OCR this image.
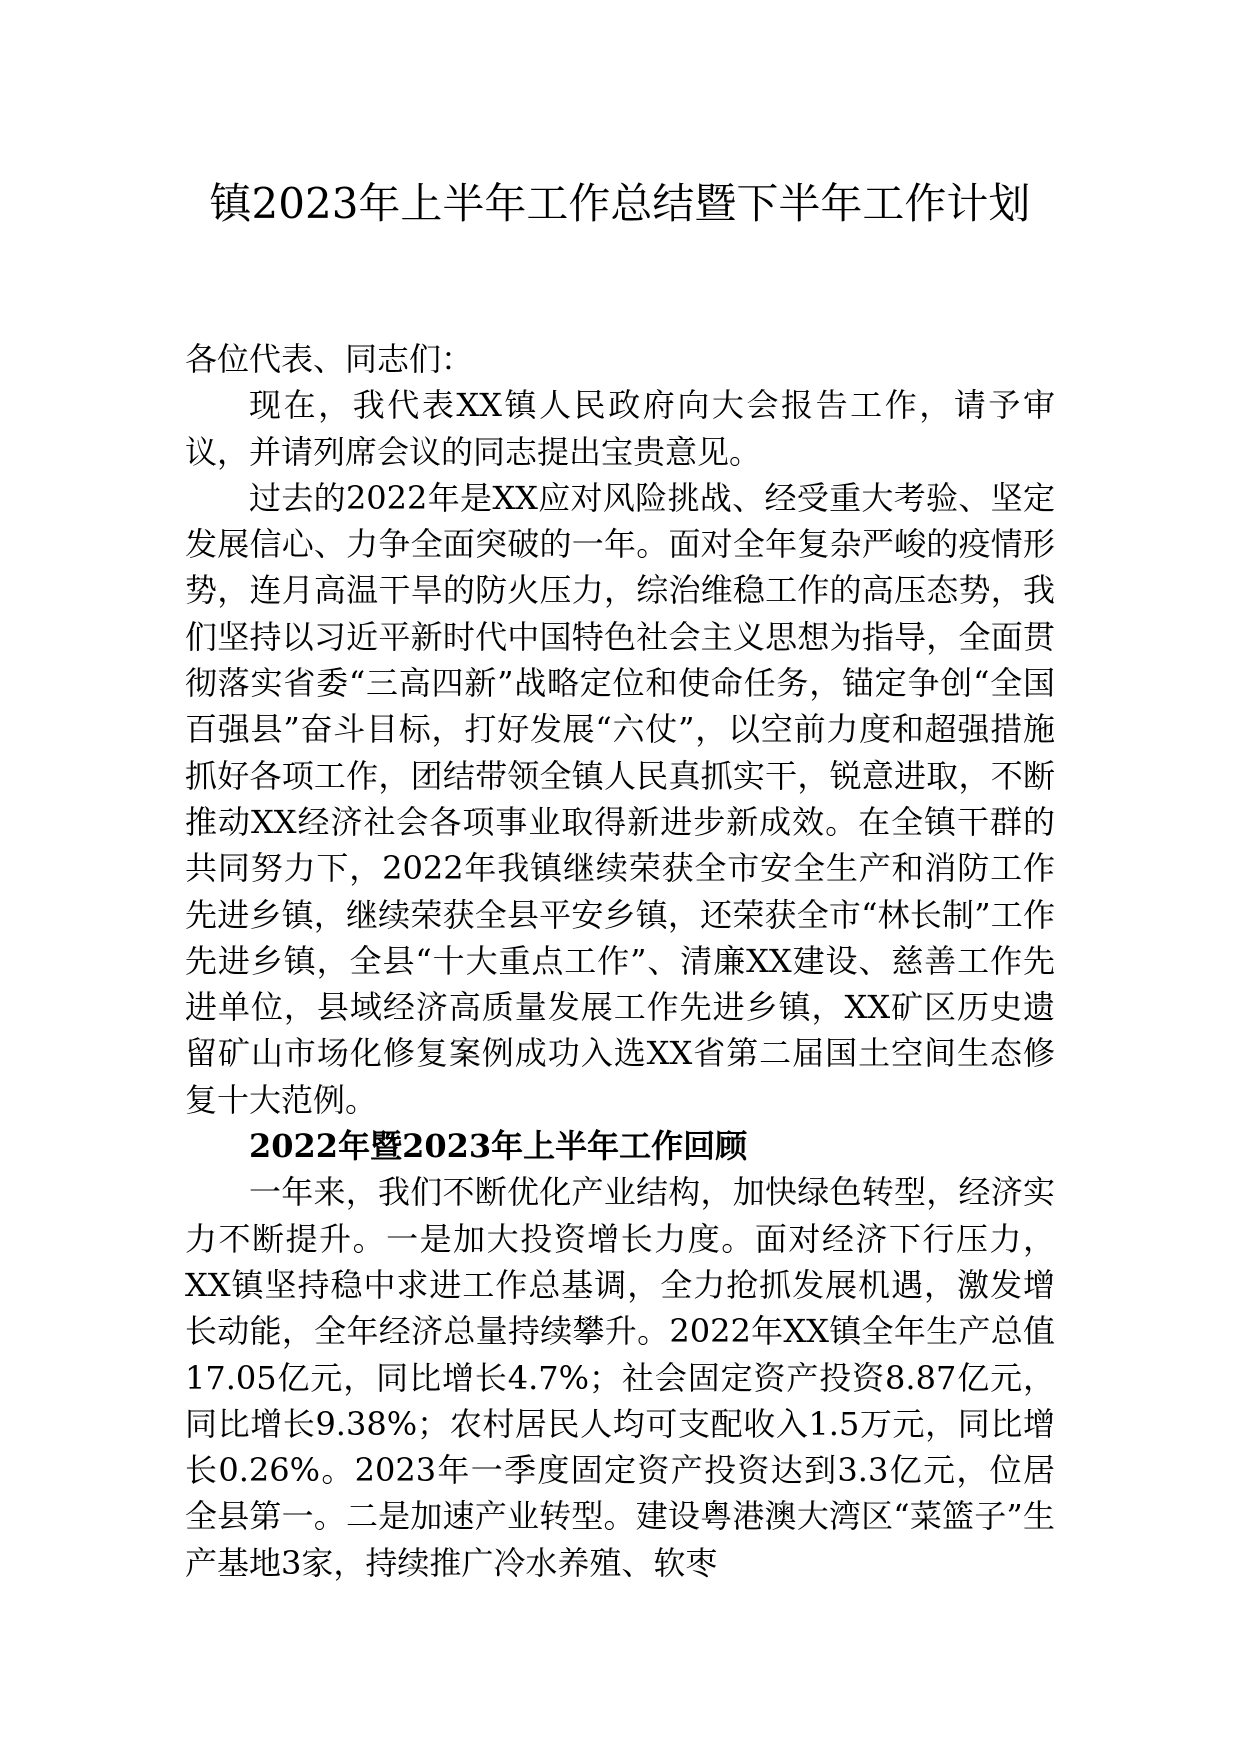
镇2023年上半年工作总结暨下半年工作计划

各位代表、同志们：

现在，我代表XX镇人民政府向大会报告工作，请予审议，并请列席会议的同志提出宝贵意见。

过去的2022年是XX应对风险挑战、经受重大考验、坚定发展信心、力争全面突破的一年。面对全年复杂严峻的疫情形势，连月高温干旱的防火压力，综治维稳工作的高压态势，我们坚持以习近平新时代中国特色社会主义思想为指导，全面贯彻落实省委“三高四新”战略定位和使命任务，锚定争创“全国百强县”奋斗目标，打好发展“六仗”，以空前力度和超强措施抓好各项工作，团结带领全镇人民真抓实干，锐意进取，不断推动XX经济社会各项事业取得新进步新成效。在全镇干群的共同努力下，2022年我镇继续荣获全市安全生产和消防工作先进乡镇，继续荣获全县平安乡镇，还荣获全市“林长制”工作先进乡镇，全县“十大重点工作”、清廉XX建设、慈善工作先进单位，县域经济高质量发展工作先进乡镇，XX矿区历史遗留矿山市场化修复案例成功入选XX省第二届国土空间生态修复十大范例。

2022年暨2023年上半年工作回顾

一年来，我们不断优化产业结构，加快绿色转型，经济实力不断提升。一是加大投资增长力度。面对经济下行压力，XX镇坚持稳中求进工作总基调，全力抢抓发展机遇，激发增长动能，全年经济总量持续攀升。2022年XX镇全年生产总值17.05亿元，同比增长4.7%；社会固定资产投资8.87亿元，同比增长9.38%；农村居民人均可支配收入1.5万元，同比增长0.26%。2023年一季度固定资产投资达到3.3亿元，位居全县第一。二是加速产业转型。建设粤港澳大湾区“菜篮子”生产基地3家，持续推广冷水养殖、软枣
